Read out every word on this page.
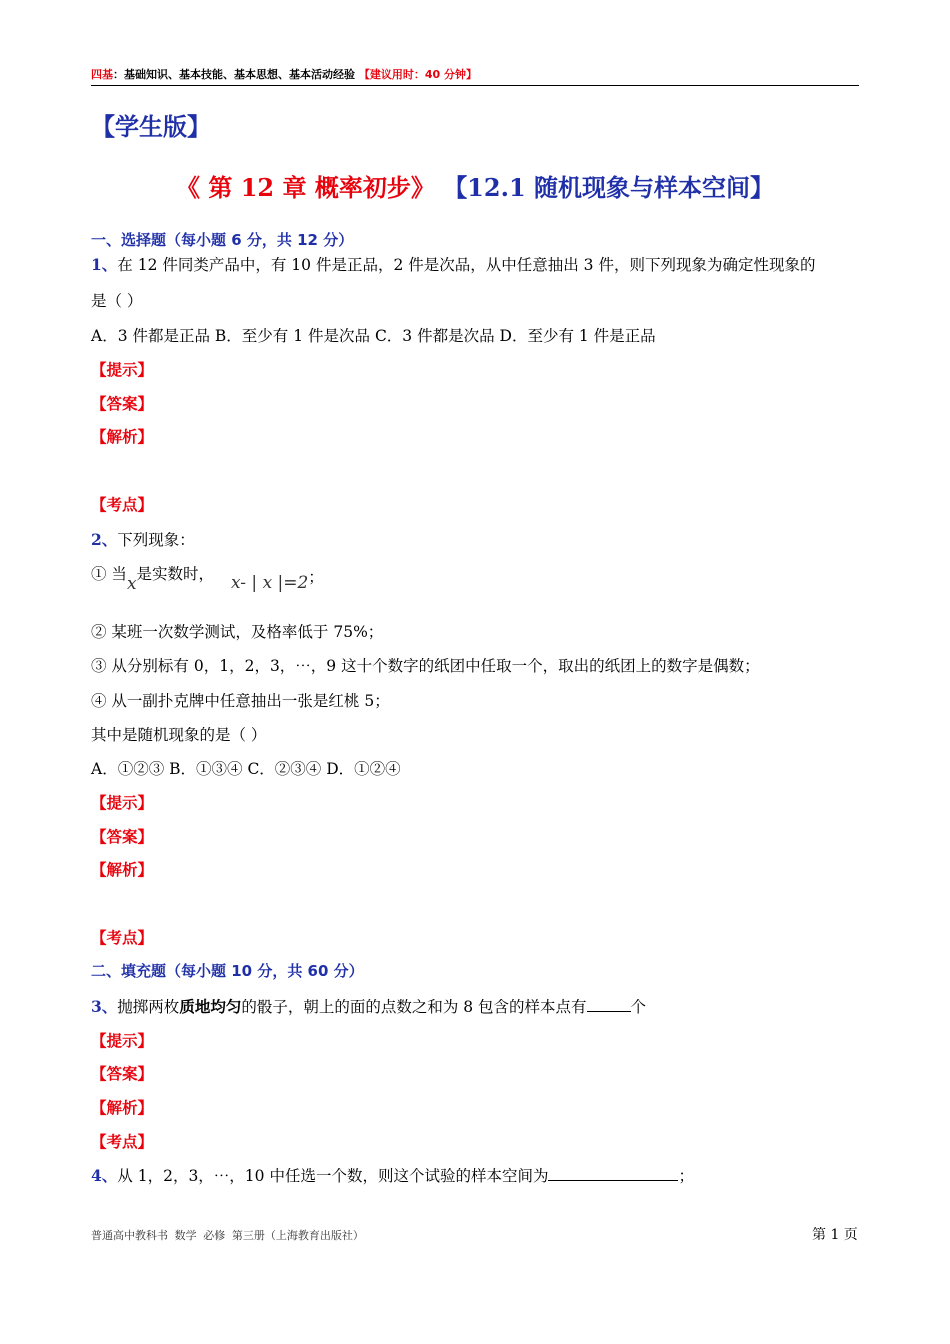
四基：基础知识、基本技能、基本思想、基本活动经验 【建议用时：40 分钟】
【学生版】
《 第 12 章 概率初步》 【12.1 随机现象与样本空间】
一、选择题（每小题 6 分，共 12 分）
1、在 12 件同类产品中，有 10 件是正品，2 件是次品，从中任意抽出 3 件，则下列现象为确定性现象的
是（ ）
A．3 件都是正品 B．至少有 1 件是次品 C．3 件都是次品 D．至少有 1 件是正品
【提示】
【答案】
【解析】
【考点】
2、下列现象：
① 当x是实数时， x- | x |=2；
② 某班一次数学测试，及格率低于 75%；
③ 从分别标有 0，1，2，3，⋯，9 这十个数字的纸团中任取一个，取出的纸团上的数字是偶数；
④ 从一副扑克牌中任意抽出一张是红桃 5；
其中是随机现象的是（ ）
A．①②③ B．①③④ C．②③④ D．①②④
【提示】
【答案】
【解析】
【考点】
二、填充题（每小题 10 分，共 60 分）
3、抛掷两枚质地均匀的骰子，朝上的面的点数之和为 8 包含的样本点有	个
【提示】
【答案】
【解析】
【考点】
4、从 1，2，3，⋯，10 中任选一个数，则这个试验的样本空间为	；
普通高中教科书 数学 必修 第三册（上海教育出版社）	第 1 页
